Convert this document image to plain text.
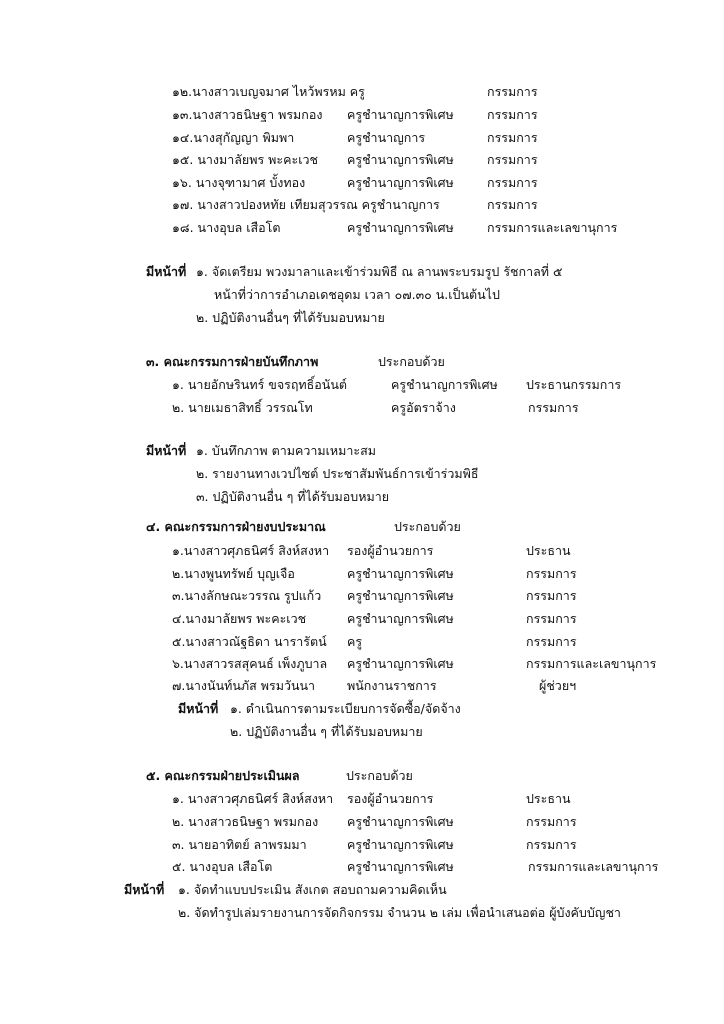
๑๒.นางสาวเบญจมาศ ไหว้พรหม ครู	กรรมการ
๑๓.นางสาวธนิษฐา พรมกอง ครูชำนาญการพิเศษ	กรรมการ
๑๔.นางสุกัญญา พิมพา	ครูชำนาญการ	กรรมการ
๑๕. นางมาลัยพร พะคะเวช ครูชำนาญการพิเศษ	กรรมการ
๑๖. นางจุฑามาศ บั้งทอง	ครูชำนาญการพิเศษ	กรรมการ
๑๗. นางสาวปองหทัย เทียมสุวรรณ ครูชำนาญการ	กรรมการ
๑๘. นางอุบล เสือโต	ครูชำนาญการพิเศษ	กรรมการและเลขานุการ
มีหน้าที่ ๑. จัดเตรียม พวงมาลาและเข้าร่วมพิธี ณ ลานพระบรมรูป รัชกาลที่ ๕
หน้าที่ว่าการอำเภอเดชอุดม เวลา ๐๗.๓๐ น.เป็นต้นไป
๒. ปฏิบัติงานอื่นๆ ที่ได้รับมอบหมาย
๓. คณะกรรมการฝ่ายบันทึกภาพ	ประกอบด้วย
๑. นายอักษรินทร์ ขจรฤทธิ์อนันต์	ครูชำนาญการพิเศษ ประธานกรรมการ
๒. นายเมธาสิทธิ์ วรรณโท	ครูอัตราจ้าง	กรรมการ
มีหน้าที่ ๑. บันทึกภาพ ตามความเหมาะสม
๒. รายงานทางเวปไซต์ ประชาสัมพันธ์การเข้าร่วมพิธี
๓. ปฏิบัติงานอื่น ๆ ที่ได้รับมอบหมาย
๔. คณะกรรมการฝ่ายงบประมาณ	ประกอบด้วย
๑.นางสาวศุภธนิศร์ สิงห์สงหา รองผู้อำนวยการ	ประธาน
๒.นางพูนทรัพย์ บุญเจือ	ครูชำนาญการพิเศษ	กรรมการ
๓.นางลักษณะวรรณ รูปแก้ว ครูชำนาญการพิเศษ	กรรมการ
๔.นางมาลัยพร พะคะเวช	ครูชำนาญการพิเศษ	กรรมการ
๕.นางสาวณัฐธิดา นารารัตน์ ครู	กรรมการ
๖.นางสาวรสสุคนธ์ เพ็งภูบาล ครูชำนาญการพิเศษ	กรรมการและเลขานุการ
๗.นางนันท์นภัส พรมวันนา	พนักงานราชการ	ผู้ช่วยฯ
มีหน้าที่ ๑. ดำเนินการตามระเบียบการจัดซื้อ/จัดจ้าง
๒. ปฏิบัติงานอื่น ๆ ที่ได้รับมอบหมาย
๕. คณะกรรมฝ่ายประเมินผล	ประกอบด้วย
๑. นางสาวศุภธนิศร์ สิงห์สงหา รองผู้อำนวยการ	ประธาน
๒. นางสาวธนิษฐา พรมกอง ครูชำนาญการพิเศษ	กรรมการ
๓. นายอาทิตย์ ลาพรมมา	ครูชำนาญการพิเศษ	กรรมการ
๕. นางอุบล เสือโต	ครูชำนาญการพิเศษ	กรรมการและเลขานุการ
มีหน้าที่ ๑. จัดทำแบบประเมิน สังเกต สอบถามความคิดเห็น
๒. จัดทำรูปเล่มรายงานการจัดกิจกรรม จำนวน ๒ เล่ม เพื่อนำเสนอต่อ ผู้บังคับบัญชา
